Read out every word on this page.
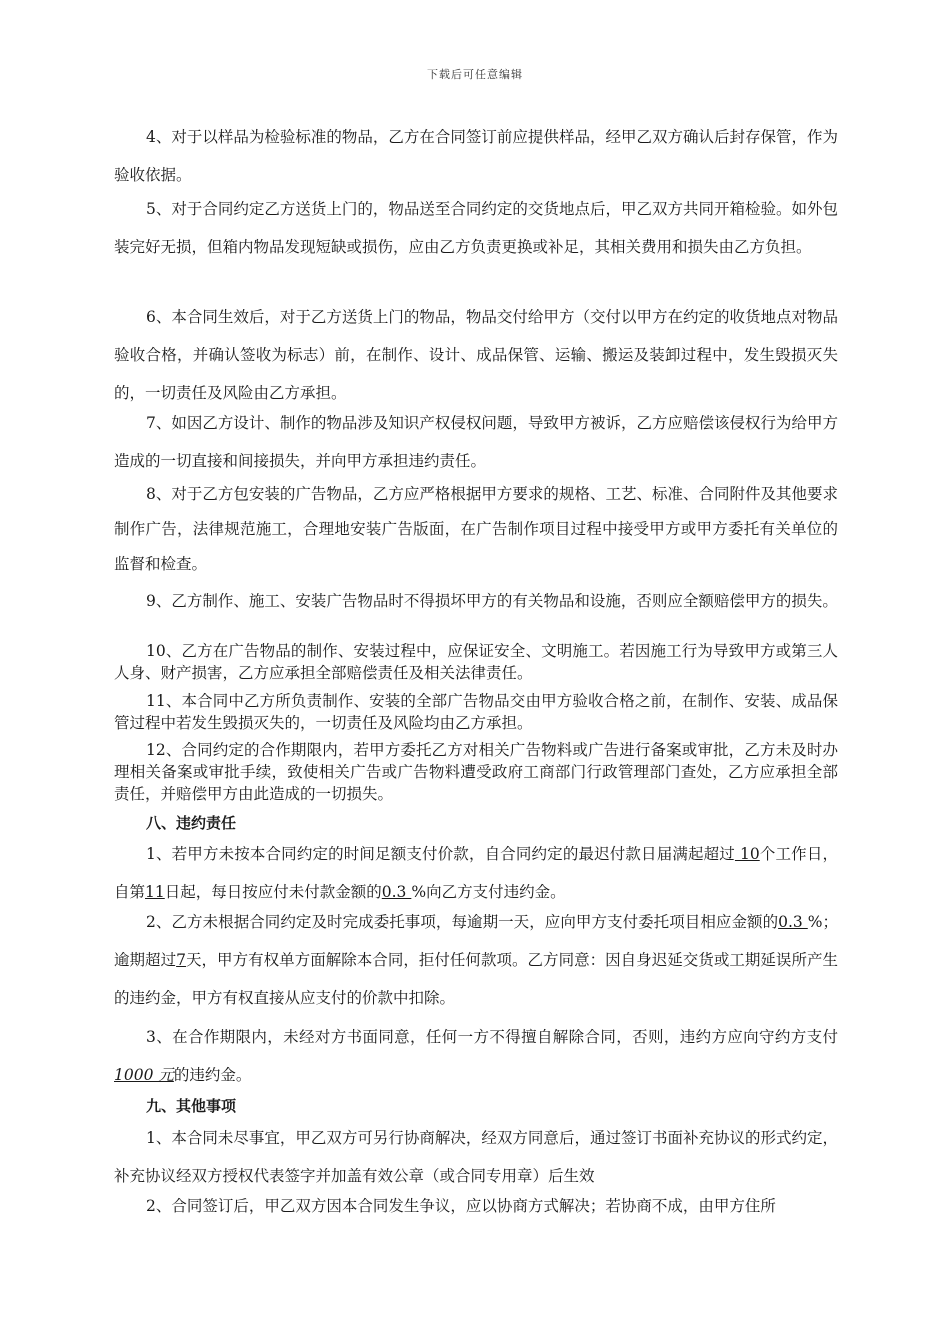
下载后可任意编辑

4、对于以样品为检验标准的物品，乙方在合同签订前应提供样品，经甲乙双方确认后封存保管，作为验收依据。

5、对于合同约定乙方送货上门的，物品送至合同约定的交货地点后，甲乙双方共同开箱检验。如外包装完好无损，但箱内物品发现短缺或损伤，应由乙方负责更换或补足，其相关费用和损失由乙方负担。

6、本合同生效后，对于乙方送货上门的物品，物品交付给甲方（交付以甲方在约定的收货地点对物品验收合格，并确认签收为标志）前，在制作、设计、成品保管、运输、搬运及装卸过程中，发生毁损灭失的，一切责任及风险由乙方承担。

7、如因乙方设计、制作的物品涉及知识产权侵权问题，导致甲方被诉，乙方应赔偿该侵权行为给甲方造成的一切直接和间接损失，并向甲方承担违约责任。

8、对于乙方包安装的广告物品，乙方应严格根据甲方要求的规格、工艺、标准、合同附件及其他要求制作广告，法律规范施工，合理地安装广告版面，在广告制作项目过程中接受甲方或甲方委托有关单位的监督和检查。

9、乙方制作、施工、安装广告物品时不得损坏甲方的有关物品和设施，否则应全额赔偿甲方的损失。

10、乙方在广告物品的制作、安装过程中，应保证安全、文明施工。若因施工行为导致甲方或第三人人身、财产损害，乙方应承担全部赔偿责任及相关法律责任。

11、本合同中乙方所负责制作、安装的全部广告物品交由甲方验收合格之前，在制作、安装、成品保管过程中若发生毁损灭失的，一切责任及风险均由乙方承担。

12、合同约定的合作期限内，若甲方委托乙方对相关广告物料或广告进行备案或审批，乙方未及时办理相关备案或审批手续，致使相关广告或广告物料遭受政府工商部门行政管理部门查处，乙方应承担全部责任，并赔偿甲方由此造成的一切损失。

八、违约责任

1、若甲方未按本合同约定的时间足额支付价款，自合同约定的最迟付款日届满起超过 10个工作日，自第11日起，每日按应付未付款金额的0.3 %向乙方支付违约金。

2、乙方未根据合同约定及时完成委托事项，每逾期一天，应向甲方支付委托项目相应金额的0.3 %；逾期超过7天，甲方有权单方面解除本合同，拒付任何款项。乙方同意：因自身迟延交货或工期延误所产生的违约金，甲方有权直接从应支付的价款中扣除。

3、在合作期限内，未经对方书面同意，任何一方不得擅自解除合同，否则，违约方应向守约方支付 1000 元的违约金。

九、其他事项

1、本合同未尽事宜，甲乙双方可另行协商解决，经双方同意后，通过签订书面补充协议的形式约定，补充协议经双方授权代表签字并加盖有效公章（或合同专用章）后生效

2、合同签订后，甲乙双方因本合同发生争议，应以协商方式解决；若协商不成，由甲方住所
